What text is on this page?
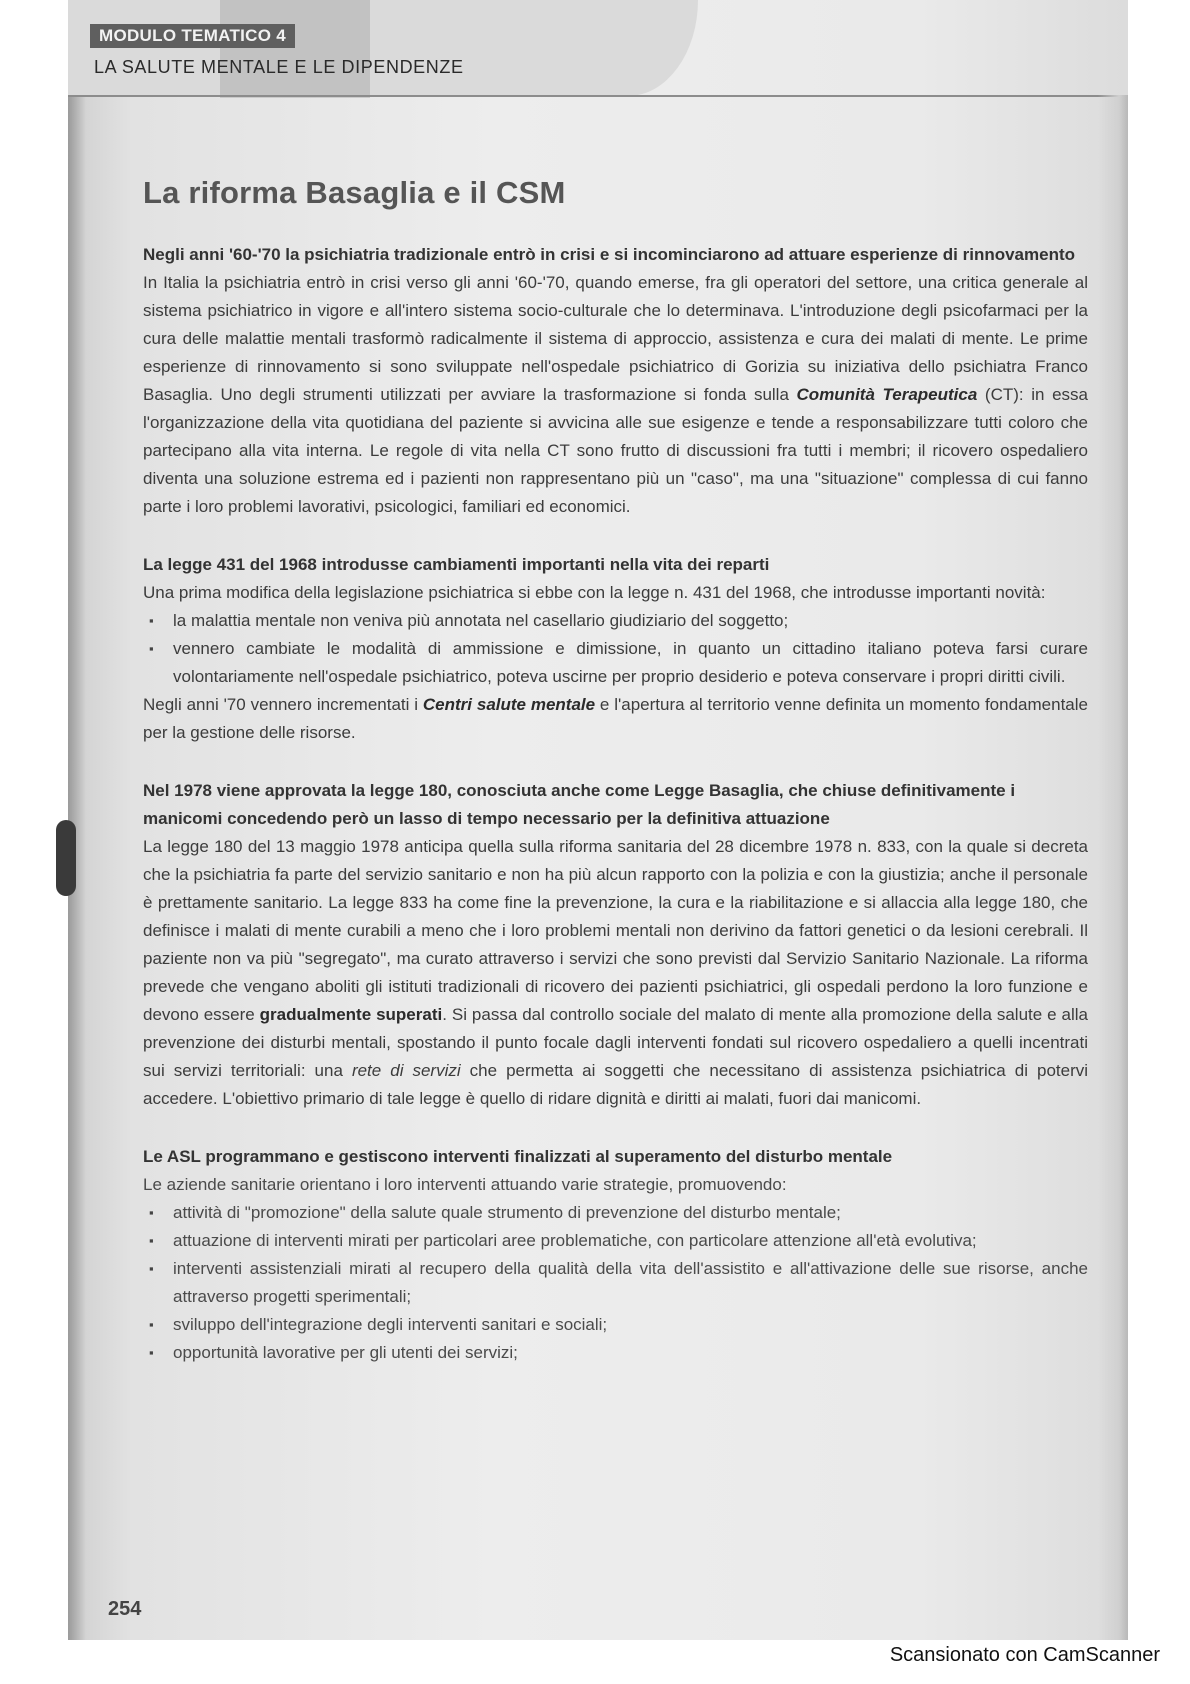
MODULO TEMATICO 4
LA SALUTE MENTALE E LE DIPENDENZE
La riforma Basaglia e il CSM
Negli anni '60-'70 la psichiatria tradizionale entrò in crisi e si incominciarono ad attuare esperienze di rinnovamento

In Italia la psichiatria entrò in crisi verso gli anni '60-'70, quando emerse, fra gli operatori del settore, una critica generale al sistema psichiatrico in vigore e all'intero sistema socio-culturale che lo determinava. L'introduzione degli psicofarmaci per la cura delle malattie mentali trasformò radicalmente il sistema di approccio, assistenza e cura dei malati di mente. Le prime esperienze di rinnovamento si sono sviluppate nell'ospedale psichiatrico di Gorizia su iniziativa dello psichiatra Franco Basaglia. Uno degli strumenti utilizzati per avviare la trasformazione si fonda sulla Comunità Terapeutica (CT): in essa l'organizzazione della vita quotidiana del paziente si avvicina alle sue esigenze e tende a responsabilizzare tutti coloro che partecipano alla vita interna. Le regole di vita nella CT sono frutto di discussioni fra tutti i membri; il ricovero ospedaliero diventa una soluzione estrema ed i pazienti non rappresentano più un "caso", ma una "situazione" complessa di cui fanno parte i loro problemi lavorativi, psicologici, familiari ed economici.

La legge 431 del 1968 introdusse cambiamenti importanti nella vita dei reparti

Una prima modifica della legislazione psichiatrica si ebbe con la legge n. 431 del 1968, che introdusse importanti novità:

▪ la malattia mentale non veniva più annotata nel casellario giudiziario del soggetto;
▪ vennero cambiate le modalità di ammissione e dimissione, in quanto un cittadino italiano poteva farsi curare volontariamente nell'ospedale psichiatrico, poteva uscirne per proprio desiderio e poteva conservare i propri diritti civili.

Negli anni '70 vennero incrementati i Centri salute mentale e l'apertura al territorio venne definita un momento fondamentale per la gestione delle risorse.

Nel 1978 viene approvata la legge 180, conosciuta anche come Legge Basaglia, che chiuse definitivamente i manicomi concedendo però un lasso di tempo necessario per la definitiva attuazione

La legge 180 del 13 maggio 1978 anticipa quella sulla riforma sanitaria del 28 dicembre 1978 n. 833, con la quale si decreta che la psichiatria fa parte del servizio sanitario e non ha più alcun rapporto con la polizia e con la giustizia; anche il personale è prettamente sanitario. La legge 833 ha come fine la prevenzione, la cura e la riabilitazione e si allaccia alla legge 180, che definisce i malati di mente curabili a meno che i loro problemi mentali non derivino da fattori genetici o da lesioni cerebrali. Il paziente non va più "segregato", ma curato attraverso i servizi che sono previsti dal Servizio Sanitario Nazionale. La riforma prevede che vengano aboliti gli istituti tradizionali di ricovero dei pazienti psichiatrici, gli ospedali perdono la loro funzione e devono essere gradualmente superati. Si passa dal controllo sociale del malato di mente alla promozione della salute e alla prevenzione dei disturbi mentali, spostando il punto focale dagli interventi fondati sul ricovero ospedaliero a quelli incentrati sui servizi territoriali: una rete di servizi che permetta ai soggetti che necessitano di assistenza psichiatrica di potervi accedere. L'obiettivo primario di tale legge è quello di ridare dignità e diritti ai malati, fuori dai manicomi.

Le ASL programmano e gestiscono interventi finalizzati al superamento del disturbo mentale

Le aziende sanitarie orientano i loro interventi attuando varie strategie, promuovendo:

▪ attività di "promozione" della salute quale strumento di prevenzione del disturbo mentale;
▪ attuazione di interventi mirati per particolari aree problematiche, con particolare attenzione all'età evolutiva;
▪ interventi assistenziali mirati al recupero della qualità della vita dell'assistito e all'attivazione delle sue risorse, anche attraverso progetti sperimentali;
▪ sviluppo dell'integrazione degli interventi sanitari e sociali;
▪ opportunità lavorative per gli utenti dei servizi;
254
Scansionato con CamScanner
